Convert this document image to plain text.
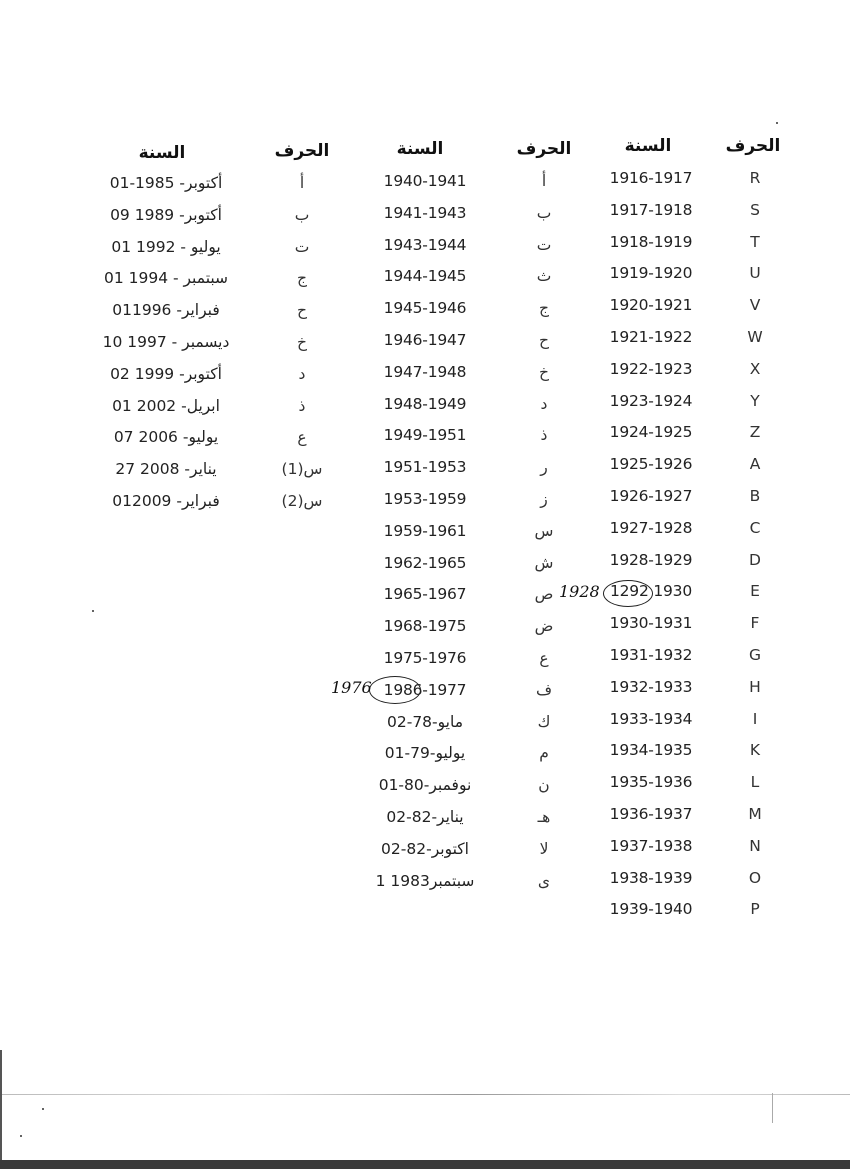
الحرف
السنة
الحرف
السنة
الحرف
السنة
R
1916-1917
S
1917-1918
T
1918-1919
U
1919-1920
V
1920-1921
W
1921-1922
X
1922-1923
Y
1923-1924
Z
1924-1925
A
1925-1926
B
1926-1927
C
1927-1928
D
1928-1929
E
1292 1930
F
1930-1931
G
1931-1932
H
1932-1933
I
1933-1934
K
1934-1935
L
1935-1936
M
1936-1937
N
1937-1938
O
1938-1939
P
1939-1940
أ
1940-1941
ب
1941-1943
ت
1943-1944
ث
1944-1945
ج
1945-1946
ح
1946-1947
خ
1947-1948
د
1948-1949
ذ
1949-1951
ر
1951-1953
ز
1953-1959
س
1959-1961
ش
1962-1965
ص
1965-1967
ض
1968-1975
ع
1975-1976
ف
1986-1977
ك
02-مايو-78
م
01-يوليو-79
ن
01-نوفمبر-80
هـ
02-يناير-82
لا
02-اكتوبر-82
ى
1 سبتمبر1983
أ
01-أكتوبر- 1985
ب
09 أكتوبر- 1989
ت
01 يوليو - 1992
ج
01 سبتمبر - 1994
ح
01فبراير- 1996
خ
10 ديسمبر - 1997
د
02 أكتوبر- 1999
ذ
01 ابريل- 2002
ع
07 يوليو- 2006
س(1)
27 يناير- 2008
س(2)
01فبراير- 2009
1928
1976
